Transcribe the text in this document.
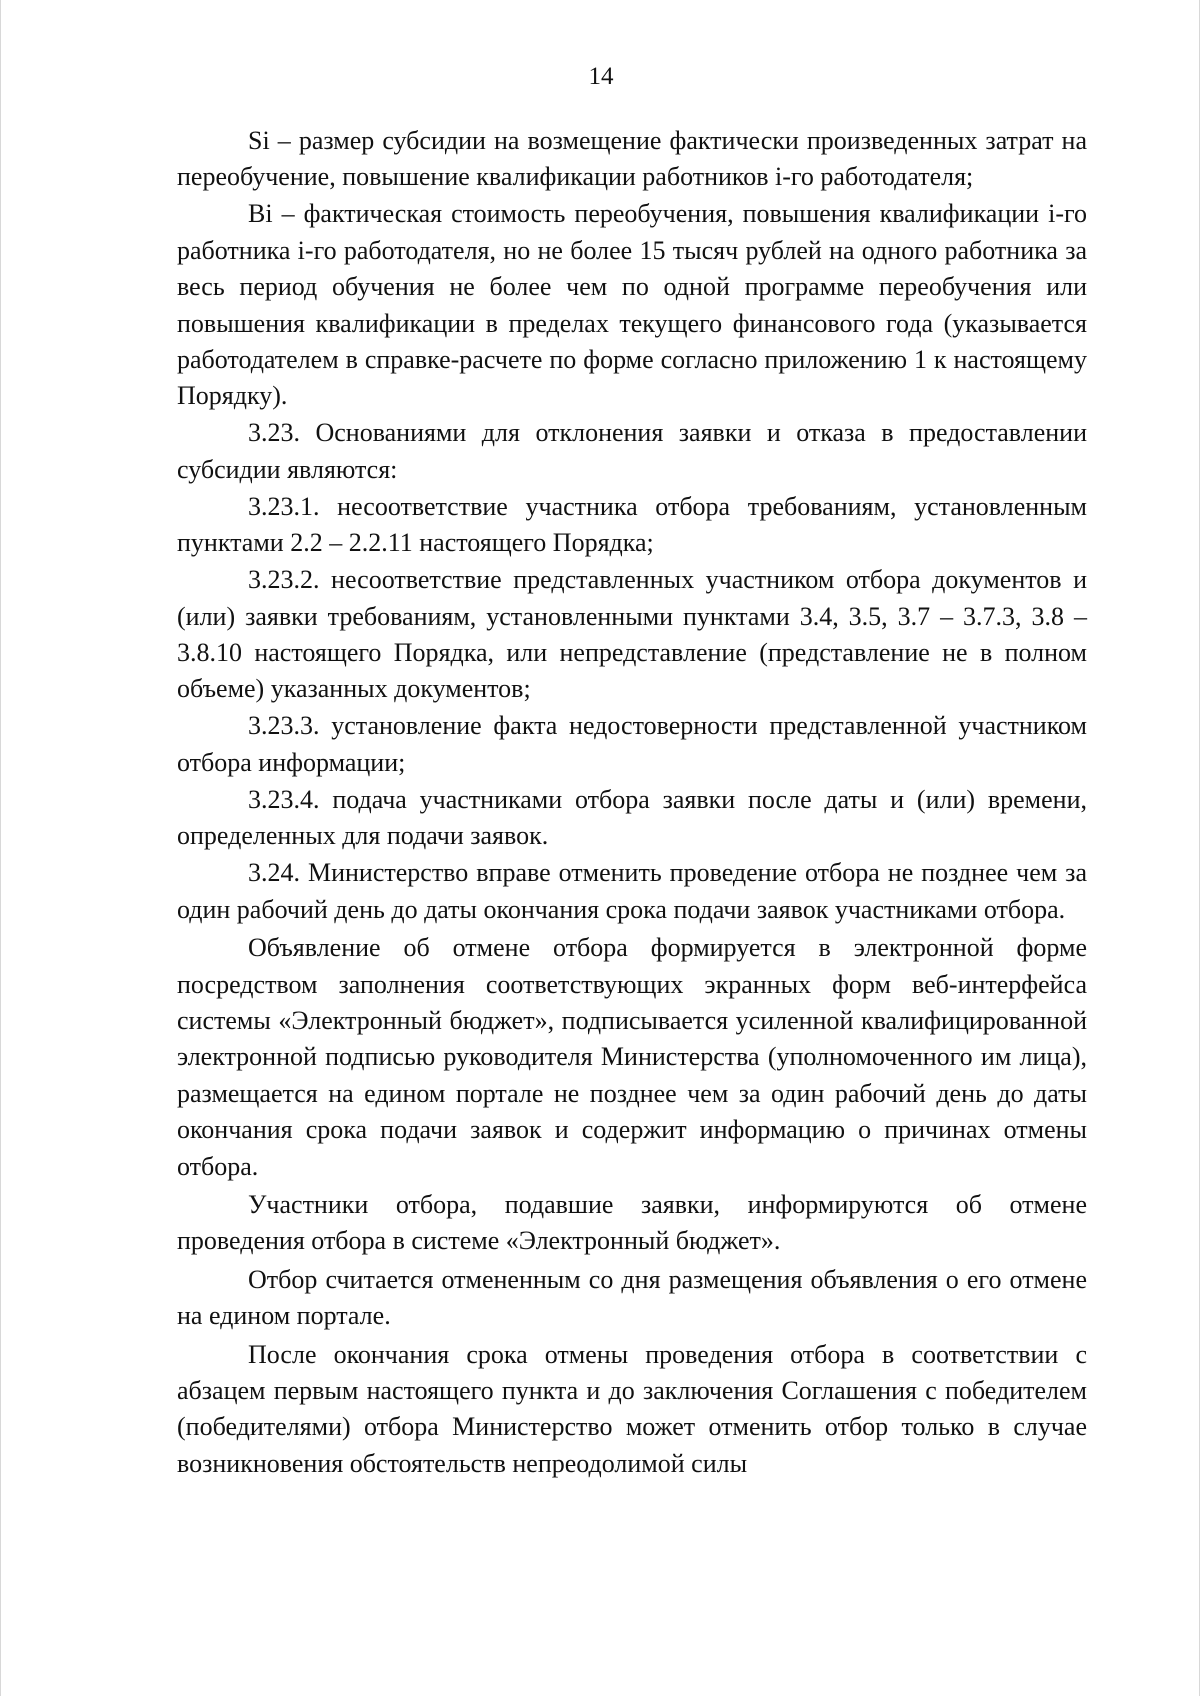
14

Si – размер субсидии на возмещение фактически произведенных затрат на переобучение, повышение квалификации работников i-го работодателя;

Bi – фактическая стоимость переобучения, повышения квалификации i-го работника i-го работодателя, но не более 15 тысяч рублей на одного работника за весь период обучения не более чем по одной программе переобучения или повышения квалификации в пределах текущего финансового года (указывается работодателем в справке-расчете по форме согласно приложению 1 к настоящему Порядку).

3.23. Основаниями для отклонения заявки и отказа в предоставлении субсидии являются:

3.23.1. несоответствие участника отбора требованиям, установленным пунктами 2.2 – 2.2.11 настоящего Порядка;

3.23.2. несоответствие представленных участником отбора документов и (или) заявки требованиям, установленными пунктами 3.4, 3.5, 3.7 – 3.7.3, 3.8 – 3.8.10 настоящего Порядка, или непредставление (представление не в полном объеме) указанных документов;

3.23.3. установление факта недостоверности представленной участником отбора информации;

3.23.4. подача участниками отбора заявки после даты и (или) времени, определенных для подачи заявок.

3.24. Министерство вправе отменить проведение отбора не позднее чем за один рабочий день до даты окончания срока подачи заявок участниками отбора.

Объявление об отмене отбора формируется в электронной форме посредством заполнения соответствующих экранных форм веб-интерфейса системы «Электронный бюджет», подписывается усиленной квалифицированной электронной подписью руководителя Министерства (уполномоченного им лица), размещается на едином портале не позднее чем за один рабочий день до даты окончания срока подачи заявок и содержит информацию о причинах отмены отбора.

Участники отбора, подавшие заявки, информируются об отмене проведения отбора в системе «Электронный бюджет».

Отбор считается отмененным со дня размещения объявления о его отмене на едином портале.

После окончания срока отмены проведения отбора в соответствии с абзацем первым настоящего пункта и до заключения Соглашения с победителем (победителями) отбора Министерство может отменить отбор только в случае возникновения обстоятельств непреодолимой силы
